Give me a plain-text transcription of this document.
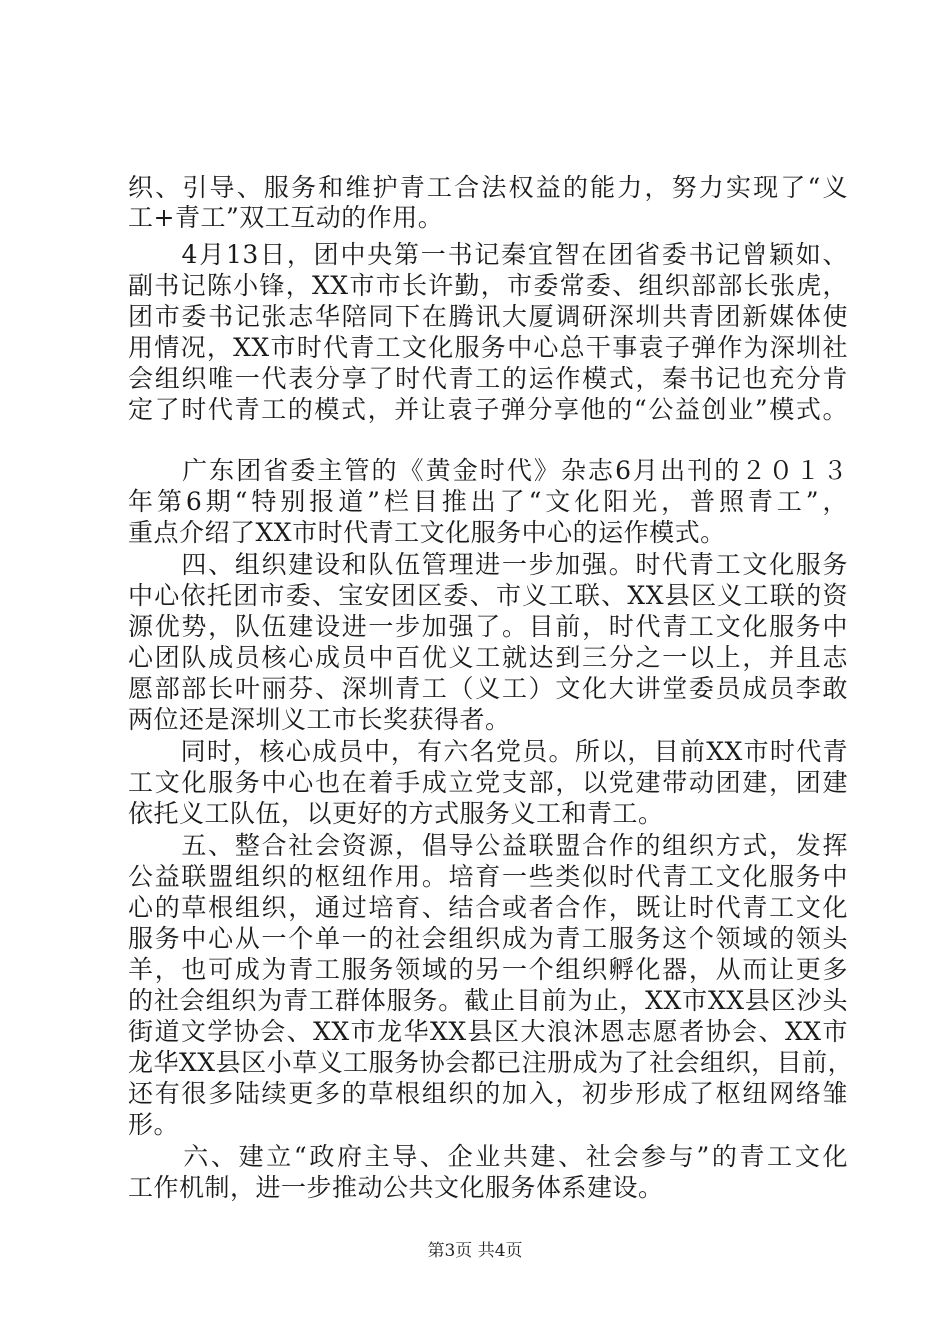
织、引导、服务和维护青工合法权益的能力，努力实现了“义
工+青工”双工互动的作用。
　　4月13日，团中央第一书记秦宜智在团省委书记曾颖如、
副书记陈小锋，XX市市长许勤，市委常委、组织部部长张虎，
团市委书记张志华陪同下在腾讯大厦调研深圳共青团新媒体使
用情况，XX市时代青工文化服务中心总干事袁子弹作为深圳社
会组织唯一代表分享了时代青工的运作模式，秦书记也充分肯
定了时代青工的模式，并让袁子弹分享他的“公益创业”模式。
　　广东团省委主管的《黄金时代》杂志6月出刊的２０１３
年第6期“特别报道”栏目推出了“文化阳光，普照青工”，
重点介绍了XX市时代青工文化服务中心的运作模式。
　　四、组织建设和队伍管理进一步加强。时代青工文化服务
中心依托团市委、宝安团区委、市义工联、XX县区义工联的资
源优势，队伍建设进一步加强了。目前，时代青工文化服务中
心团队成员核心成员中百优义工就达到三分之一以上，并且志
愿部部长叶丽芬、深圳青工（义工）文化大讲堂委员成员李敢
两位还是深圳义工市长奖获得者。
　　同时，核心成员中，有六名党员。所以，目前XX市时代青
工文化服务中心也在着手成立党支部，以党建带动团建，团建
依托义工队伍，以更好的方式服务义工和青工。
　　五、整合社会资源，倡导公益联盟合作的组织方式，发挥
公益联盟组织的枢纽作用。培育一些类似时代青工文化服务中
心的草根组织，通过培育、结合或者合作，既让时代青工文化
服务中心从一个单一的社会组织成为青工服务这个领域的领头
羊，也可成为青工服务领域的另一个组织孵化器，从而让更多
的社会组织为青工群体服务。截止目前为止，XX市XX县区沙头
街道文学协会、XX市龙华XX县区大浪沐恩志愿者协会、XX市
龙华XX县区小草义工服务协会都已注册成为了社会组织，目前，
还有很多陆续更多的草根组织的加入，初步形成了枢纽网络雏
形。
　　六、建立“政府主导、企业共建、社会参与”的青工文化
工作机制，进一步推动公共文化服务体系建设。
第3页 共4页
